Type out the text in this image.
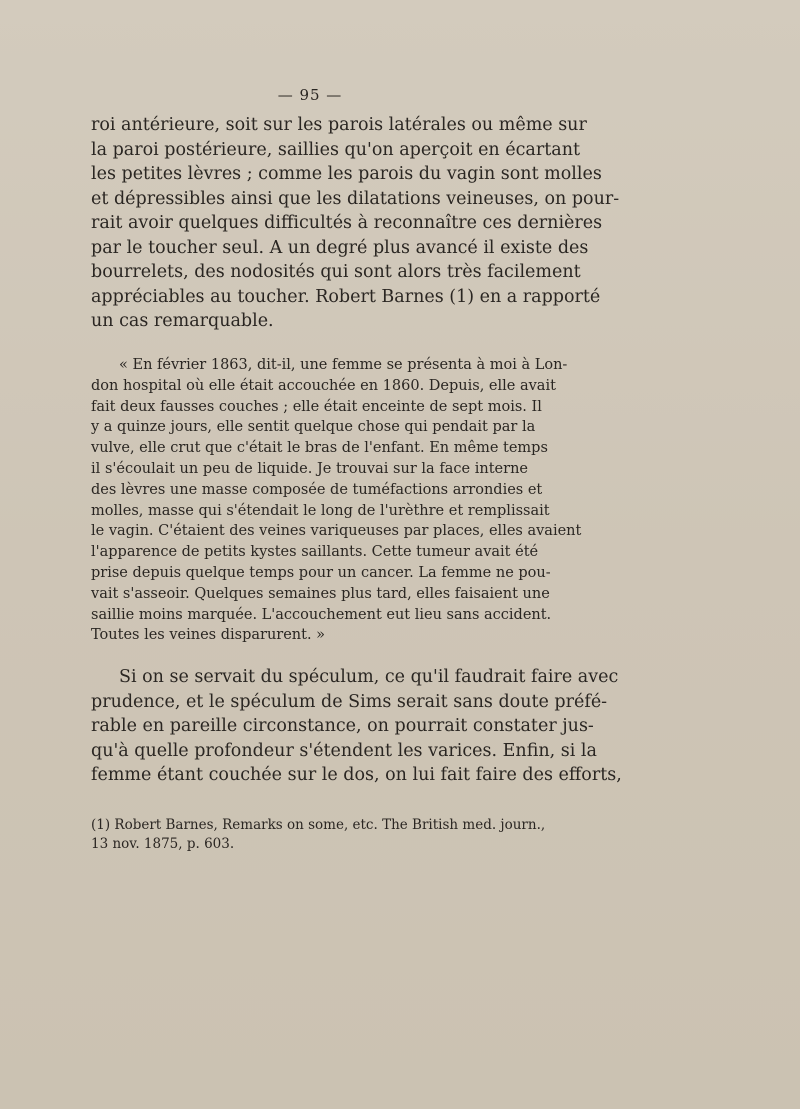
— 95 —
roi antérieure, soit sur les parois latérales ou même sur
la paroi postérieure, saillies qu'on aperçoit en écartant
les petites lèvres ; comme les parois du vagin sont molles
et dépressibles ainsi que les dilatations veineuses, on pour-
rait avoir quelques difficultés à reconnaître ces dernières
par le toucher seul. A un degré plus avancé il existe des
bourrelets, des nodosités qui sont alors très facilement
appréciables au toucher. Robert Barnes (1) en a rapporté
un cas remarquable.
« En février 1863, dit-il, une femme se présenta à moi à Lon-
don hospital où elle était accouchée en 1860. Depuis, elle avait
fait deux fausses couches ; elle était enceinte de sept mois. Il
y a quinze jours, elle sentit quelque chose qui pendait par la
vulve, elle crut que c'était le bras de l'enfant. En même temps
il s'écoulait un peu de liquide. Je trouvai sur la face interne
des lèvres une masse composée de tuméfactions arrondies et
molles, masse qui s'étendait le long de l'urèthre et remplissait
le vagin. C'étaient des veines variqueuses par places, elles avaient
l'apparence de petits kystes saillants. Cette tumeur avait été
prise depuis quelque temps pour un cancer. La femme ne pou-
vait s'asseoir. Quelques semaines plus tard, elles faisaient une
saillie moins marquée. L'accouchement eut lieu sans accident.
Toutes les veines disparurent. »
Si on se servait du spéculum, ce qu'il faudrait faire avec
prudence, et le spéculum de Sims serait sans doute préfé-
rable en pareille circonstance, on pourrait constater jus-
qu'à quelle profondeur s'étendent les varices. Enfin, si la
femme étant couchée sur le dos, on lui fait faire des efforts,
(1) Robert Barnes, Remarks on some, etc. The British med. journ.,
13 nov. 1875, p. 603.
